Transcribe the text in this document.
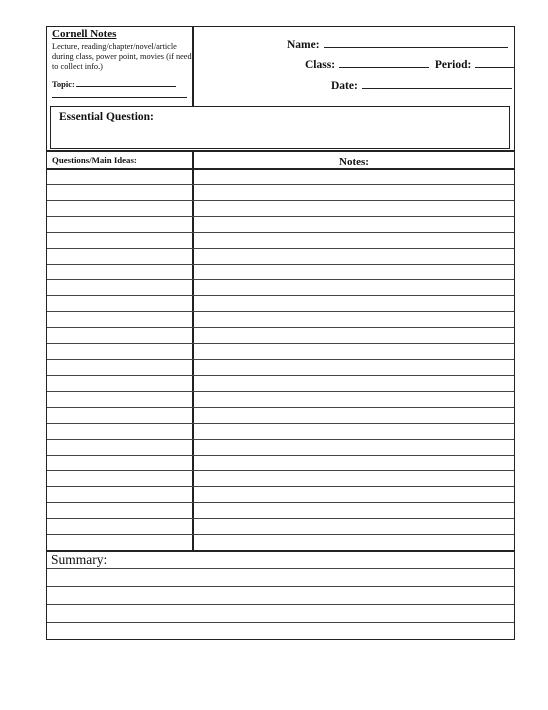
Cornell Notes
Lecture, reading/chapter/novel/article during class, power point, movies (if need to collect info.)
Topic:
Name:
Class:	Period:
Date:
Essential Question:
Questions/Main Ideas:	Notes:
Summary:
